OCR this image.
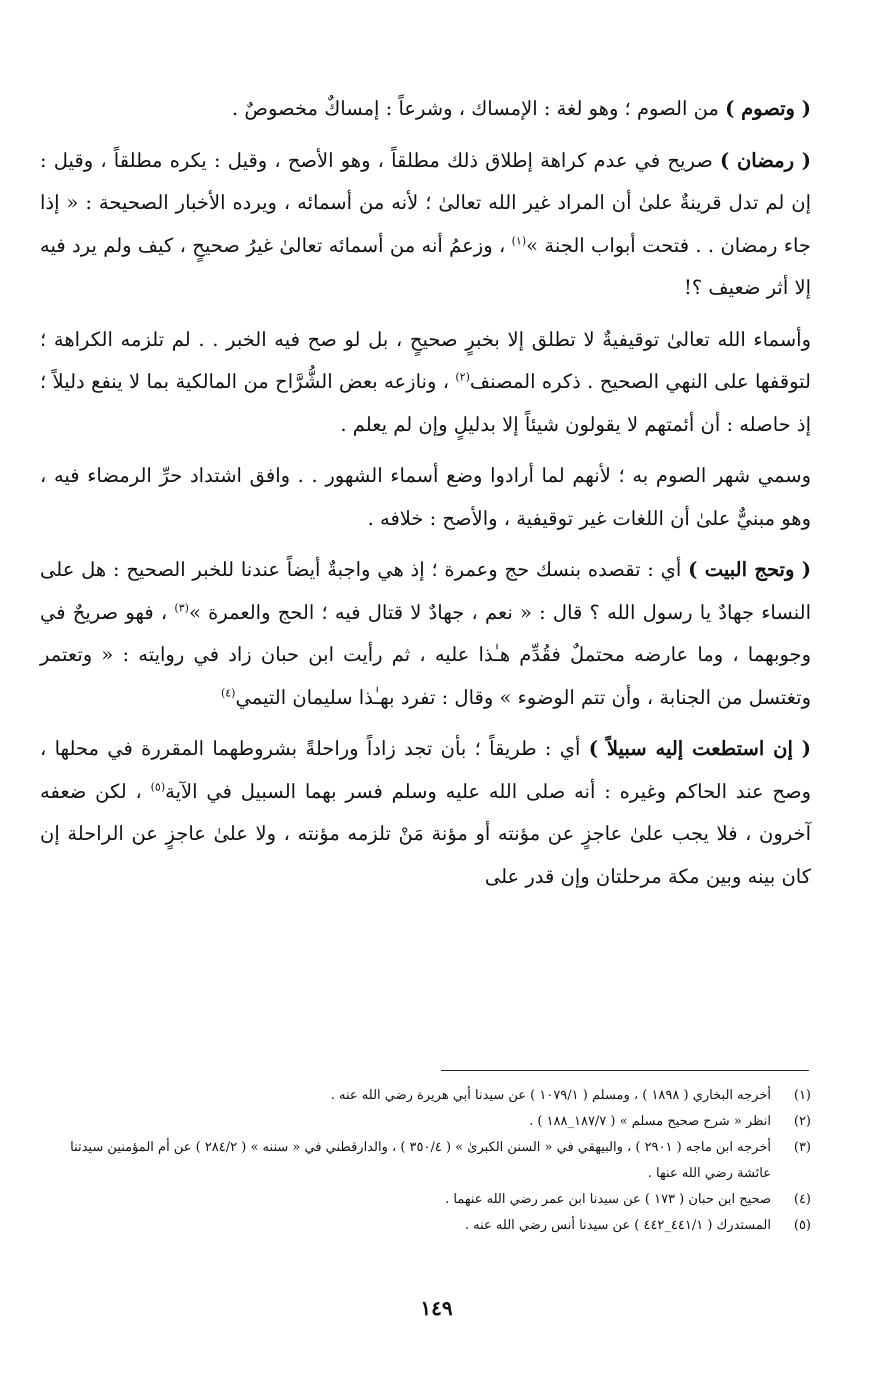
( وتصوم ) من الصوم ؛ وهو لغة : الإمساك ، وشرعاً : إمساكٌ مخصوصٌ .

( رمضان ) صريح في عدم كراهة إطلاق ذلك مطلقاً ، وهو الأصح ، وقيل : يكره مطلقاً ، وقيل : إن لم تدل قرينةٌ علىٰ أن المراد غير الله تعالىٰ ؛ لأنه من أسمائه ، ويرده الأخبار الصحيحة : « إذا جاء رمضان . . فتحت أبواب الجنة »$^{(١)}$ ، وزعمُ أنه من أسمائه تعالىٰ غيرُ صحيحٍ ، كيف ولم يرد فيه إلا أثر ضعيف ؟!

وأسماء الله تعالىٰ توقيفيةٌ لا تطلق إلا بخبرٍ صحيحٍ ، بل لو صح فيه الخبر . . لم تلزمه الكراهة ؛ لتوقفها على النهي الصحيح . ذكره المصنف$^{(٢)}$ ، ونازعه بعض الشُّرَّاح من المالكية بما لا ينفع دليلاً ؛ إذ حاصله : أن أئمتهم لا يقولون شيئاً إلا بدليلٍ وإن لم يعلم .

وسمي شهر الصوم به ؛ لأنهم لما أرادوا وضع أسماء الشهور . . وافق اشتداد حرِّ الرمضاء فيه ، وهو مبنيٌّ علىٰ أن اللغات غير توقيفية ، والأصح : خلافه .

( وتحج البيت ) أي : تقصده بنسك حج وعمرة ؛ إذ هي واجبةٌ أيضاً عندنا للخبر الصحيح : هل على النساء جهادٌ يا رسول الله ؟ قال : « نعم ، جهادٌ لا قتال فيه ؛ الحج والعمرة »$^{(٣)}$ ، فهو صريحٌ في وجوبهما ، وما عارضه محتملٌ فقُدِّم هـٰذا عليه ، ثم رأيت ابن حبان زاد في روايته : « وتعتمر وتغتسل من الجنابة ، وأن تتم الوضوء » وقال : تفرد بهـٰذا سليمان التيمي$^{(٤)}$

( إن استطعت إليه سبيلاً ) أي : طريقاً ؛ بأن تجد زاداً وراحلةً بشروطهما المقررة في محلها ، وصح عند الحاكم وغيره : أنه صلى الله عليه وسلم فسر بهما السبيل في الآية$^{(٥)}$ ، لكن ضعفه آخرون ، فلا يجب علىٰ عاجزٍ عن مؤنته أو مؤنة مَنْ تلزمه مؤنته ، ولا علىٰ عاجزٍ عن الراحلة إن كان بينه وبين مكة مرحلتان وإن قدر على

(١)
أخرجه البخاري ( ١٨٩٨ ) ، ومسلم ( ١٠٧٩/١ ) عن سيدنا أبي هريرة رضي الله عنه .
(٢)
انظر « شرح صحيح مسلم » ( ١٨٧/٧_١٨٨ ) .
(٣)
أخرجه ابن ماجه ( ٢٩٠١ ) ، والبيهقي في « السنن الكبرىٰ » ( ٣٥٠/٤ ) ، والدارقطني في « سننه » ( ٢٨٤/٢ ) عن أم المؤمنين سيدتنا عائشة رضي الله عنها .
(٤)
صحيح ابن حبان ( ١٧٣ ) عن سيدنا ابن عمر رضي الله عنهما .
(٥)
المستدرك ( ٤٤١/١_٤٤٢ ) عن سيدنا أنس رضي الله عنه .
١٤٩
